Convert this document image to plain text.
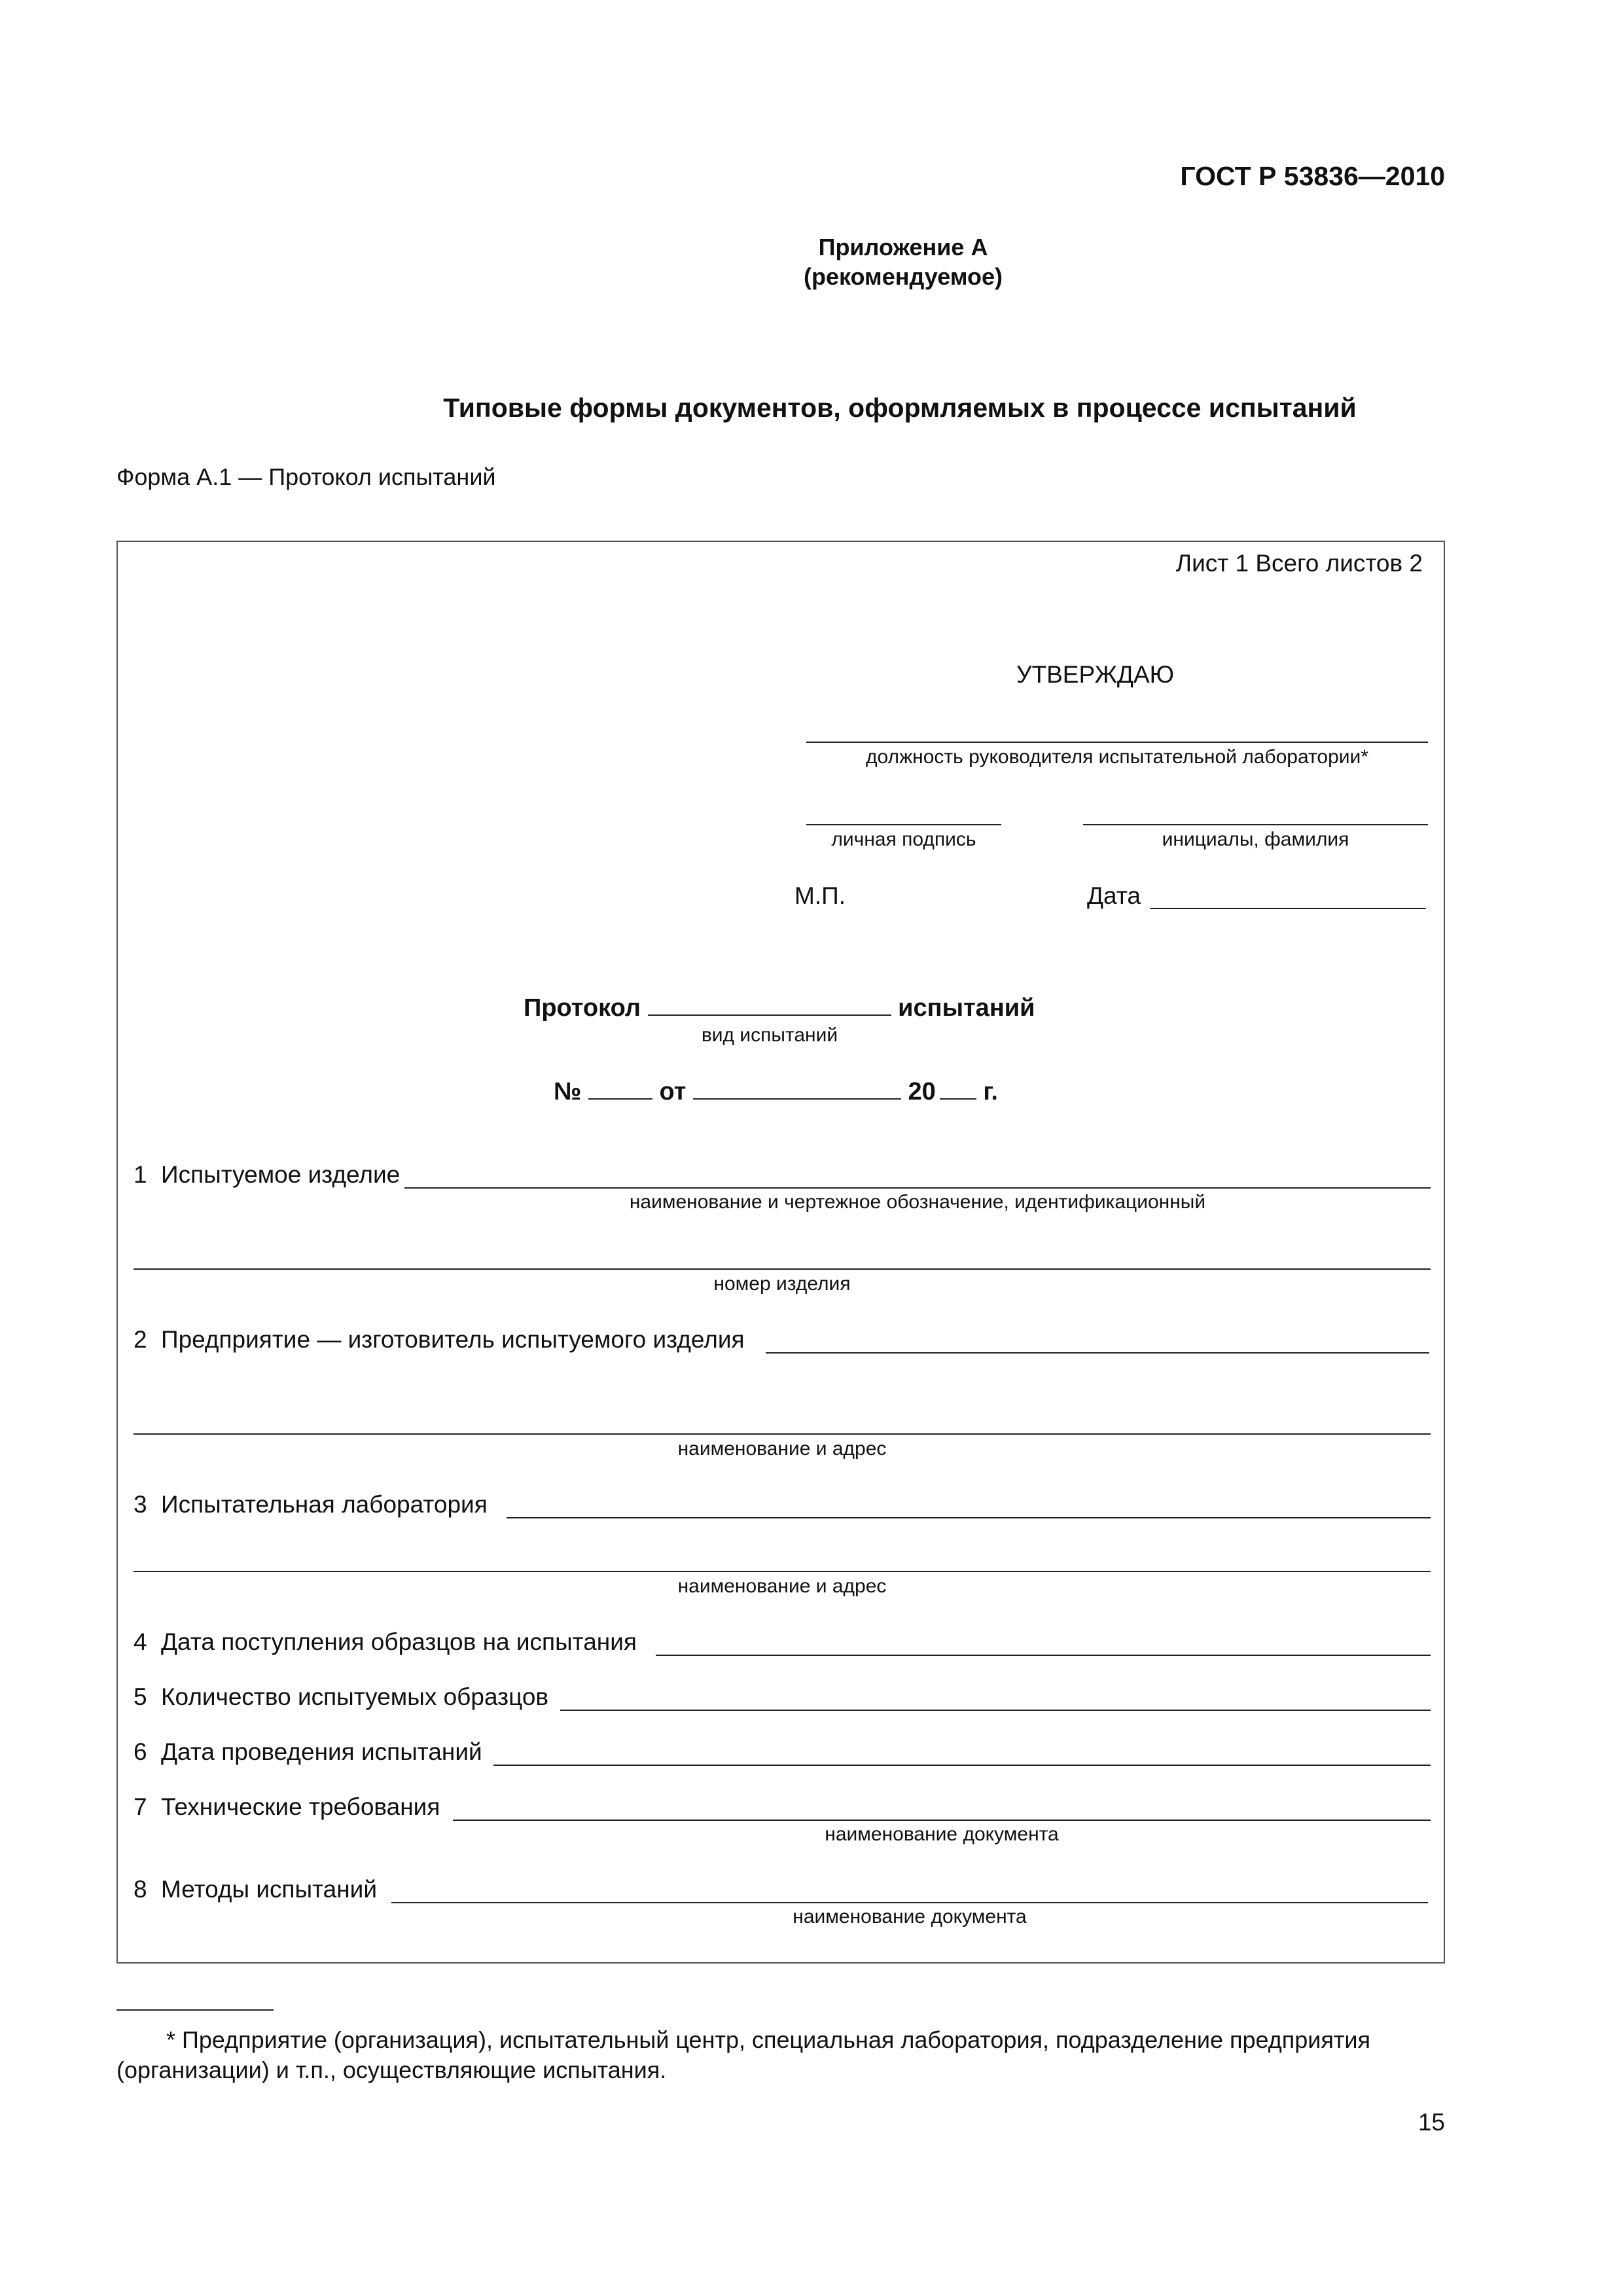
ГОСТ Р 53836—2010
Приложение А
(рекомендуемое)
Типовые формы документов, оформляемых в процессе испытаний
Форма А.1 — Протокол испытаний
Лист 1 Всего листов 2
УТВЕРЖДАЮ
должность руководителя испытательной лаборатории*
личная подпись	инициалы, фамилия
М.П.	Дата
Протокол	испытаний
вид испытаний
№	от	20 г.
1 Испытуемое изделие
наименование и чертежное обозначение, идентификационный
номер изделия
2 Предприятие — изготовитель испытуемого изделия
наименование и адрес
3 Испытательная лаборатория
наименование и адрес
4 Дата поступления образцов на испытания
5 Количество испытуемых образцов
6 Дата проведения испытаний
7 Технические требования
наименование документа
8 Методы испытаний
наименование документа
* Предприятие (организация), испытательный центр, специальная лаборатория, подразделение предприятия
(организации) и т.п., осуществляющие испытания.
15
